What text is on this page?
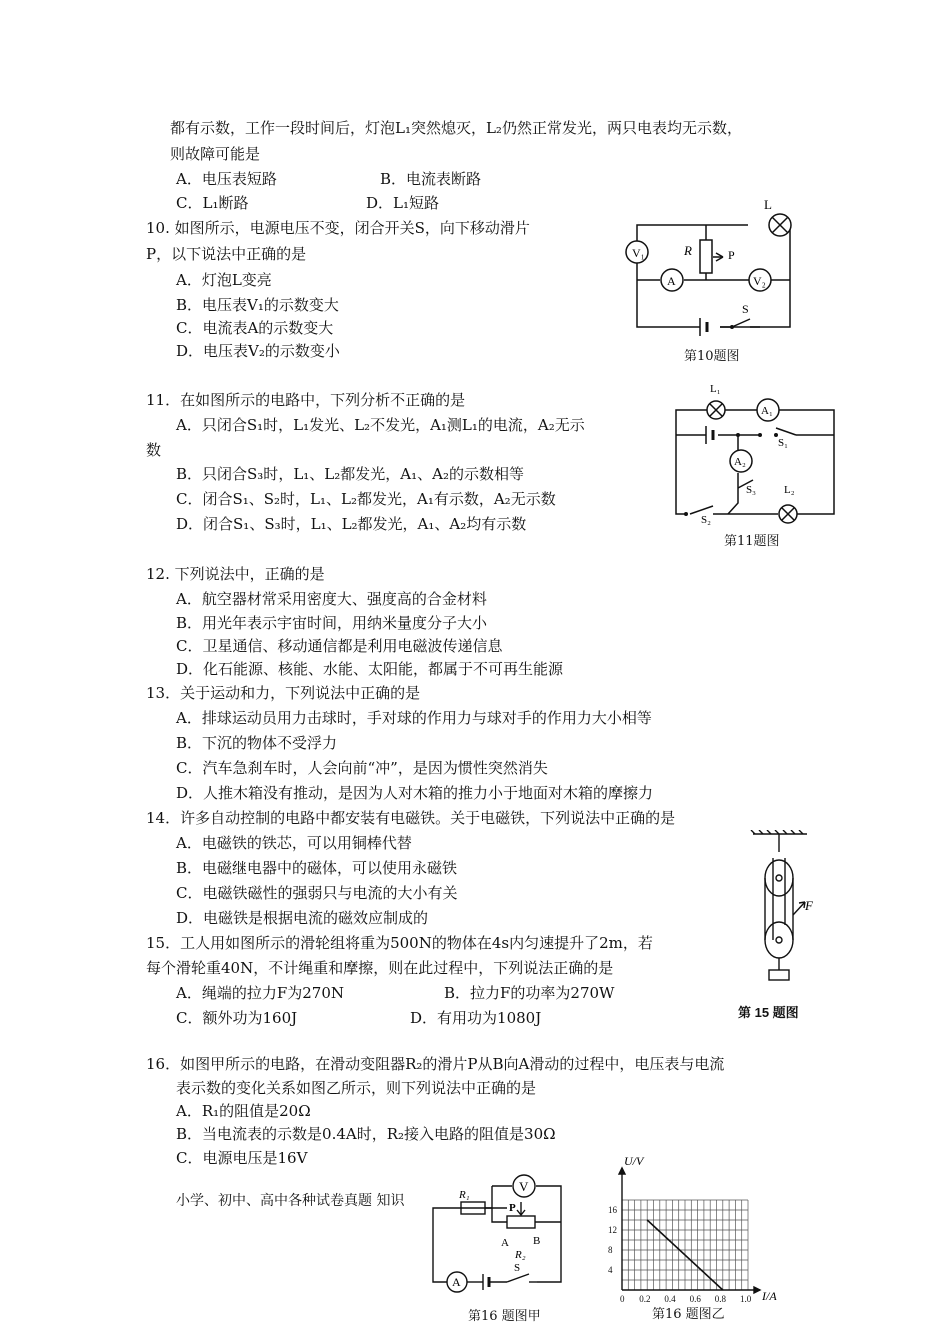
都有示数，工作一段时间后，灯泡L₁突然熄灭，L₂仍然正常发光，两只电表均无示数，
则故障可能是
A．电压表短路	B．电流表断路
C．L₁断路	D．L₁短路
10. 如图所示，电源电压不变，闭合开关S，向下移动滑片
P，以下说法中正确的是
A．灯泡L变亮
B．电压表V₁的示数变大
C．电流表A的示数变大
D．电压表V₂的示数变小
V₁
A	V₂
L
R	P
S
第10题图
11．在如图所示的电路中，下列分析不正确的是
A．只闭合S₁时，L₁发光、L₂不发光，A₁测L₁的电流，A₂无示
数
B．只闭合S₃时，L₁、L₂都发光，A₁、A₂的示数相等
C．闭合S₁、S₂时，L₁、L₂都发光，A₁有示数，A₂无示数
D．闭合S₁、S₃时，L₁、L₂都发光，A₁、A₂均有示数
L₁
A₁
A₂
S₁
S₃	L₂
S₂
第11题图
12. 下列说法中，正确的是
A．航空器材常采用密度大、强度高的合金材料
B．用光年表示宇宙时间，用纳米量度分子大小
C．卫星通信、移动通信都是利用电磁波传递信息
D．化石能源、核能、水能、太阳能，都属于不可再生能源
13．关于运动和力，下列说法中正确的是
A．排球运动员用力击球时，手对球的作用力与球对手的作用力大小相等
B．下沉的物体不受浮力
C．汽车急刹车时，人会向前“冲”，是因为惯性突然消失
D．人推木箱没有推动，是因为人对木箱的推力小于地面对木箱的摩擦力
14．许多自动控制的电路中都安装有电磁铁。关于电磁铁，下列说法中正确的是
A．电磁铁的铁芯，可以用铜棒代替
B．电磁继电器中的磁体，可以使用永磁铁
C．电磁铁磁性的强弱只与电流的大小有关
D．电磁铁是根据电流的磁效应制成的
15．工人用如图所示的滑轮组将重为500N的物体在4s内匀速提升了2m，若
每个滑轮重40N，不计绳重和摩擦，则在此过程中，下列说法正确的是
A．绳端的拉力F为270N	B．拉力F的功率为270W
C．额外功为160J	D．有用功为1080J
F
第 15 题图
16．如图甲所示的电路，在滑动变阻器R₂的滑片P从B向A滑动的过程中，电压表与电流
表示数的变化关系如图乙所示，则下列说法中正确的是
A．R₁的阻值是20Ω
B．当电流表的示数是0.4A时，R₂接入电路的阻值是30Ω
C．电源电压是16V
小学、初中、高中各种试卷真题 知识
V
R₁
P
A B
R₂
A
S
第16 题图甲
0 0.2 0.4 0.6 0.8 1.0
4
8
12
16
U/V
I/A
第16 题图乙
